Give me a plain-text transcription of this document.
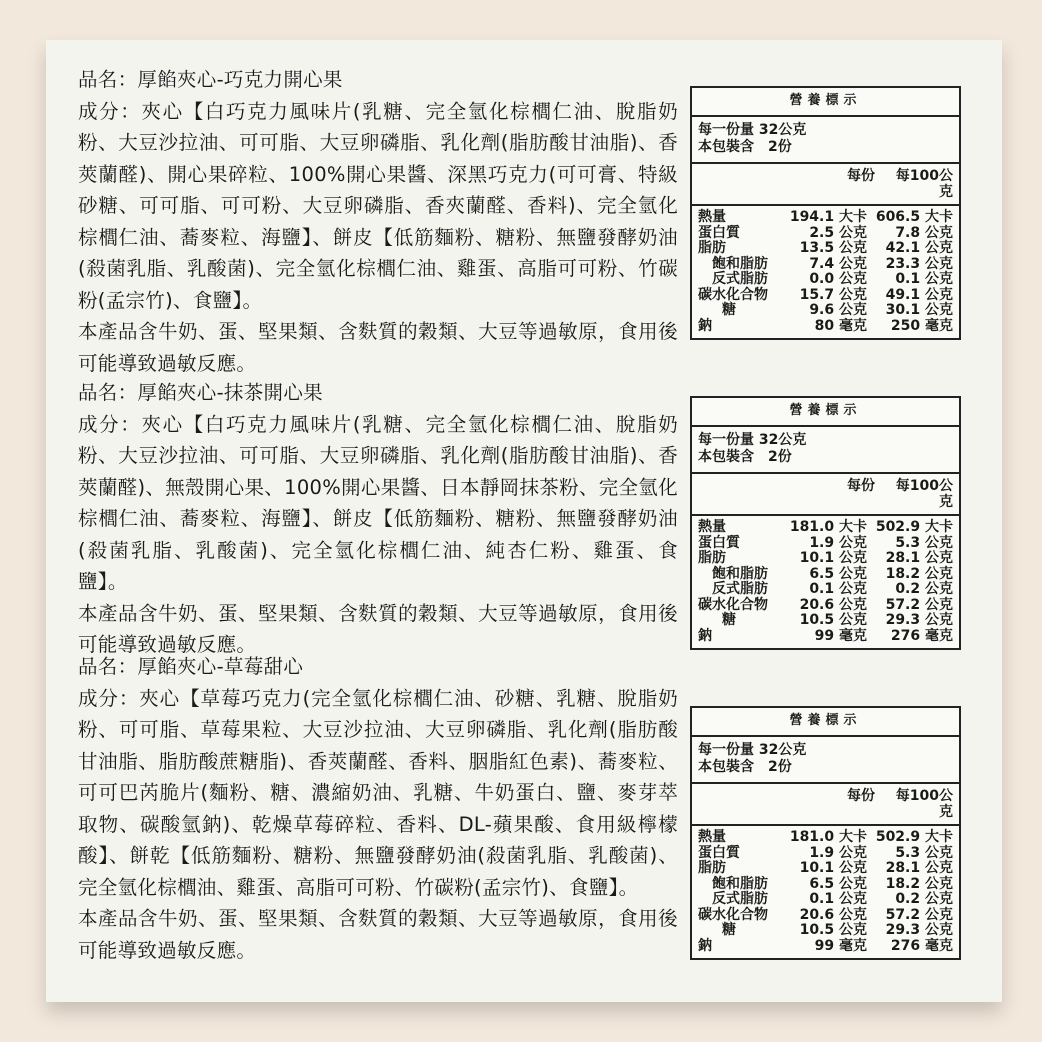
品名：厚餡夾心-巧克力開心果

成分：夾心【白巧克力風味片(乳糖、完全氫化棕櫚仁油、脫脂奶粉、大豆沙拉油、可可脂、大豆卵磷脂、乳化劑(脂肪酸甘油脂)、香莢蘭醛)、開心果碎粒、100%開心果醬、深黑巧克力(可可膏、特級砂糖、可可脂、可可粉、大豆卵磷脂、香夾蘭醛、香料)、完全氫化棕櫚仁油、蕎麥粒、海鹽】、餅皮【低筋麵粉、糖粉、無鹽發酵奶油(殺菌乳脂、乳酸菌)、完全氫化棕櫚仁油、雞蛋、高脂可可粉、竹碳粉(孟宗竹)、食鹽】。

本產品含牛奶、蛋、堅果類、含麩質的穀類、大豆等過敏原，食用後可能導致過敏反應。

營養標示
每一份量 32公克
本包裝含　2份
每份	每100公克
熱量	194.1 大卡 606.5 大卡
蛋白質	2.5 公克	7.8 公克
脂肪	13.5 公克	42.1 公克
飽和脂肪	7.4 公克	23.3 公克
反式脂肪	0.0 公克	0.1 公克
碳水化合物	15.7 公克	49.1 公克
糖	9.6 公克	30.1 公克
鈉	80 毫克	250 毫克

品名：厚餡夾心-抹茶開心果

成分：夾心【白巧克力風味片(乳糖、完全氫化棕櫚仁油、脫脂奶粉、大豆沙拉油、可可脂、大豆卵磷脂、乳化劑(脂肪酸甘油脂)、香莢蘭醛)、無殼開心果、100%開心果醬、日本靜岡抹茶粉、完全氫化棕櫚仁油、蕎麥粒、海鹽】、餅皮【低筋麵粉、糖粉、無鹽發酵奶油(殺菌乳脂、乳酸菌)、完全氫化棕櫚仁油、純杏仁粉、雞蛋、食鹽】。

本產品含牛奶、蛋、堅果類、含麩質的穀類、大豆等過敏原，食用後可能導致過敏反應。

營養標示
每一份量 32公克
本包裝含　2份
每份	每100公克
熱量	181.0 大卡 502.9 大卡
蛋白質	1.9 公克	5.3 公克
脂肪	10.1 公克	28.1 公克
飽和脂肪	6.5 公克	18.2 公克
反式脂肪	0.1 公克	0.2 公克
碳水化合物	20.6 公克	57.2 公克
糖	10.5 公克	29.3 公克
鈉	99 毫克	276 毫克

品名：厚餡夾心-草莓甜心

成分：夾心【草莓巧克力(完全氫化棕櫚仁油、砂糖、乳糖、脫脂奶粉、可可脂、草莓果粒、大豆沙拉油、大豆卵磷脂、乳化劑(脂肪酸甘油脂、脂肪酸蔗糖脂)、香莢蘭醛、香料、胭脂紅色素)、蕎麥粒、可可巴芮脆片(麵粉、糖、濃縮奶油、乳糖、牛奶蛋白、鹽、麥芽萃取物、碳酸氫鈉)、乾燥草莓碎粒、香料、DL-蘋果酸、食用級檸檬酸】、餅乾【低筋麵粉、糖粉、無鹽發酵奶油(殺菌乳脂、乳酸菌)、完全氫化棕櫚油、雞蛋、高脂可可粉、竹碳粉(孟宗竹)、食鹽】。

本產品含牛奶、蛋、堅果類、含麩質的穀類、大豆等過敏原，食用後可能導致過敏反應。

營養標示
每一份量 32公克
本包裝含　2份
每份	每100公克
熱量	181.0 大卡 502.9 大卡
蛋白質	1.9 公克	5.3 公克
脂肪	10.1 公克	28.1 公克
飽和脂肪	6.5 公克	18.2 公克
反式脂肪	0.1 公克	0.2 公克
碳水化合物	20.6 公克	57.2 公克
糖	10.5 公克	29.3 公克
鈉	99 毫克	276 毫克
